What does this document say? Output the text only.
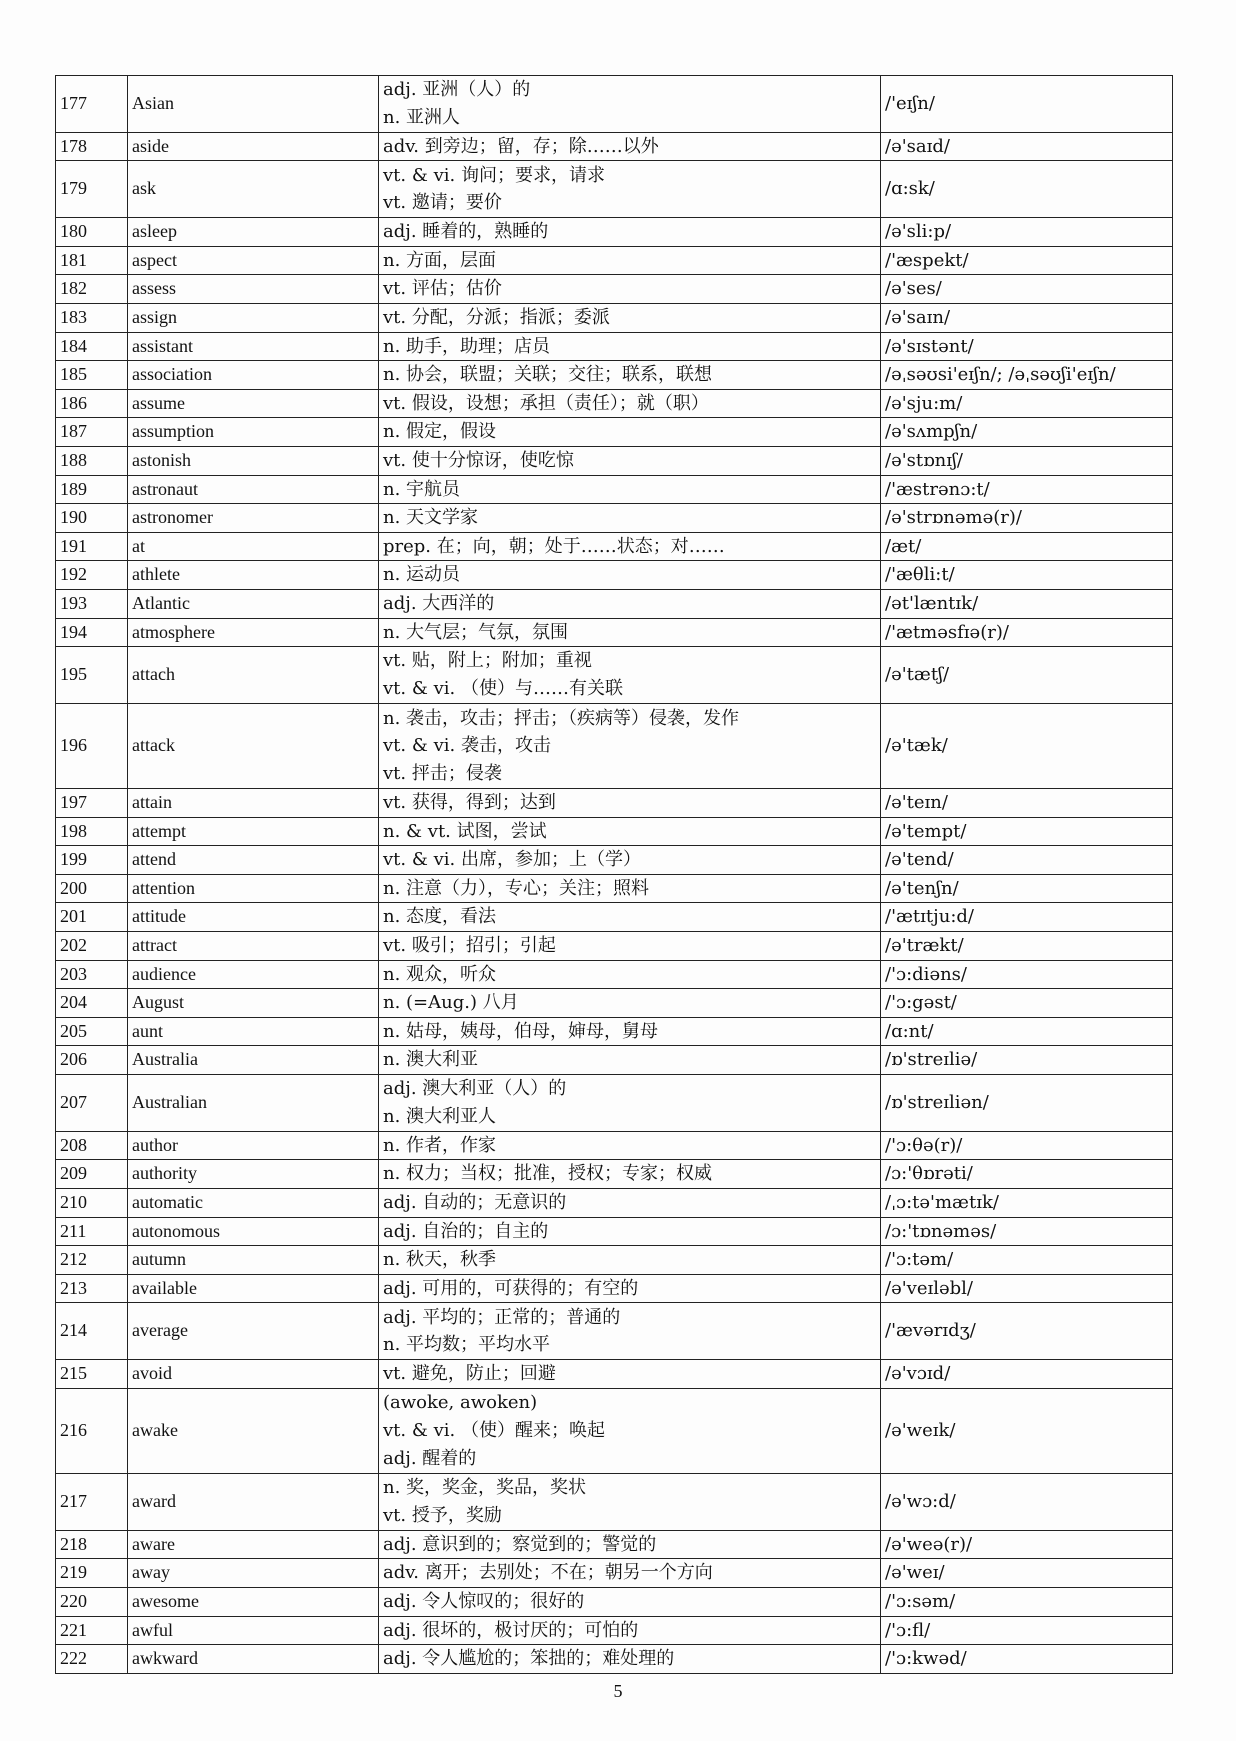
177	Asian	adj. 亚洲（人）的
n. 亚洲人	/'eɪʃn/
178	aside	adv. 到旁边；留，存；除……以外	/ə'saɪd/
179	ask	vt. & vi. 询问；要求，请求
vt. 邀请；要价	/ɑ:sk/
180	asleep	adj. 睡着的，熟睡的	/ə'sli:p/
181	aspect	n. 方面，层面	/'æspekt/
182	assess	vt. 评估；估价	/ə'ses/
183	assign	vt. 分配，分派；指派；委派	/ə'saɪn/
184	assistant	n. 助手，助理；店员	/ə'sɪstənt/
185	association	n. 协会，联盟；关联；交往；联系，联想	/əˌsəʊsi'eɪʃn/; /əˌsəʊʃi'eɪʃn/
186	assume	vt. 假设，设想；承担（责任）；就（职）	/ə'sju:m/
187	assumption	n. 假定，假设	/ə'sʌmpʃn/
188	astonish	vt. 使十分惊讶，使吃惊	/ə'stɒnɪʃ/
189	astronaut	n. 宇航员	/'æstrənɔ:t/
190	astronomer	n. 天文学家	/ə'strɒnəmə(r)/
191	at	prep. 在；向，朝；处于……状态；对……	/æt/
192	athlete	n. 运动员	/'æθli:t/
193	Atlantic	adj. 大西洋的	/ət'læntɪk/
194	atmosphere	n. 大气层；气氛，氛围	/'ætməsfɪə(r)/
195	attach	vt. 贴，附上；附加；重视
vt. & vi. （使）与……有关联	/ə'tætʃ/
196	attack	n. 袭击，攻击；抨击；（疾病等）侵袭，发作
vt. & vi. 袭击，攻击
vt. 抨击；侵袭	/ə'tæk/
197	attain	vt. 获得，得到；达到	/ə'teɪn/
198	attempt	n. & vt. 试图，尝试	/ə'tempt/
199	attend	vt. & vi. 出席，参加；上（学）	/ə'tend/
200	attention	n. 注意（力），专心；关注；照料	/ə'tenʃn/
201	attitude	n. 态度，看法	/'ætɪtju:d/
202	attract	vt. 吸引；招引；引起	/ə'trækt/
203	audience	n. 观众，听众	/'ɔ:diəns/
204	August	n. (=Aug.) 八月	/'ɔ:gəst/
205	aunt	n. 姑母，姨母，伯母，婶母，舅母	/ɑ:nt/
206	Australia	n. 澳大利亚	/ɒ'streɪliə/
207	Australian	adj. 澳大利亚（人）的
n. 澳大利亚人	/ɒ'streɪliən/
208	author	n. 作者，作家	/'ɔ:θə(r)/
209	authority	n. 权力；当权；批准，授权；专家；权威	/ɔ:'θɒrəti/
210	automatic	adj. 自动的；无意识的	/ˌɔ:tə'mætɪk/
211	autonomous	adj. 自治的；自主的	/ɔ:'tɒnəməs/
212	autumn	n. 秋天，秋季	/'ɔ:təm/
213	available	adj. 可用的，可获得的；有空的	/ə'veɪləbl/
214	average	adj. 平均的；正常的；普通的
n. 平均数；平均水平	/'ævərɪdʒ/
215	avoid	vt. 避免，防止；回避	/ə'vɔɪd/
216	awake	(awoke, awoken)
vt. & vi. （使）醒来；唤起
adj. 醒着的	/ə'weɪk/
217	award	n. 奖，奖金，奖品，奖状
vt. 授予，奖励	/ə'wɔ:d/
218	aware	adj. 意识到的；察觉到的；警觉的	/ə'weə(r)/
219	away	adv. 离开；去别处；不在；朝另一个方向	/ə'weɪ/
220	awesome	adj. 令人惊叹的；很好的	/'ɔ:səm/
221	awful	adj. 很坏的，极讨厌的；可怕的	/'ɔ:fl/
222	awkward	adj. 令人尴尬的；笨拙的；难处理的	/'ɔ:kwəd/
5
